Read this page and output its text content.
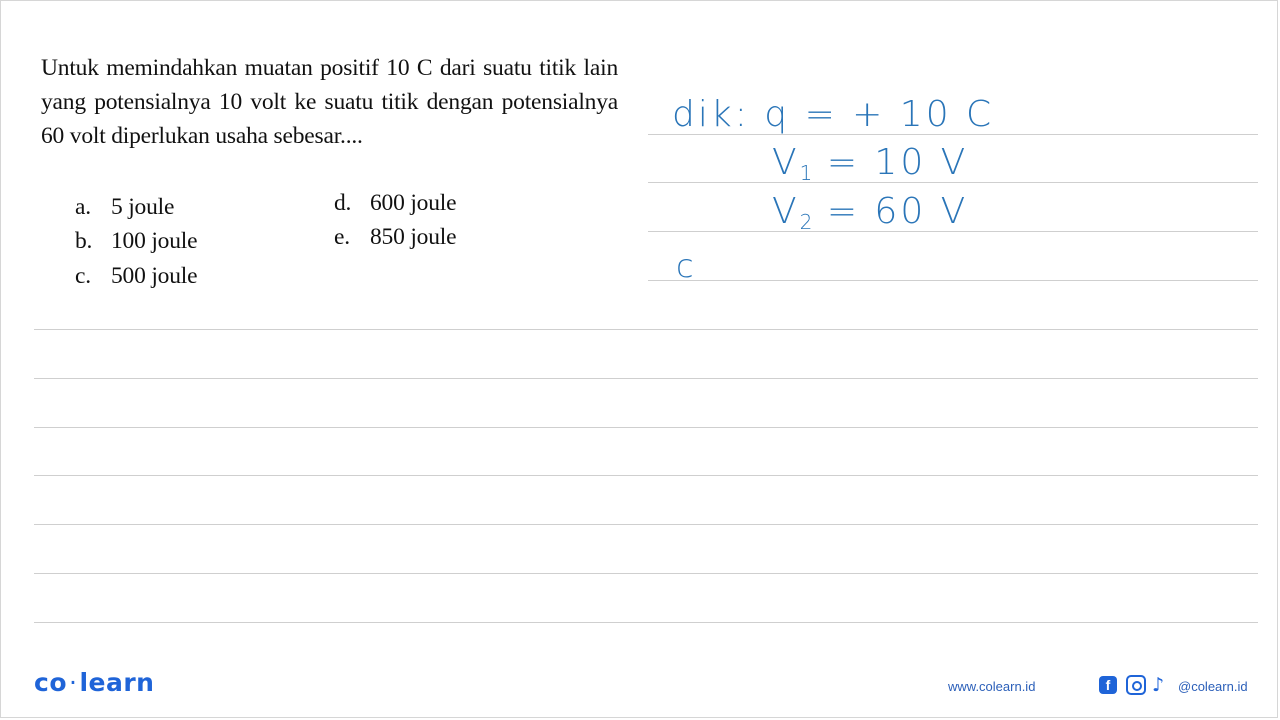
Untuk memindahkan muatan positif 10 C dari suatu titik lain yang potensialnya 10 volt ke suatu titik dengan potensialnya 60 volt diperlukan usaha sebesar....
a. 5 joule
b. 100 joule
c. 500 joule
d. 600 joule
e. 850 joule
dik: q = + 10 C
$V_1 = 10$ V
$V_2 = 60$ V
c
co·learn	www.colearn.id	f	♪ @colearn.id
